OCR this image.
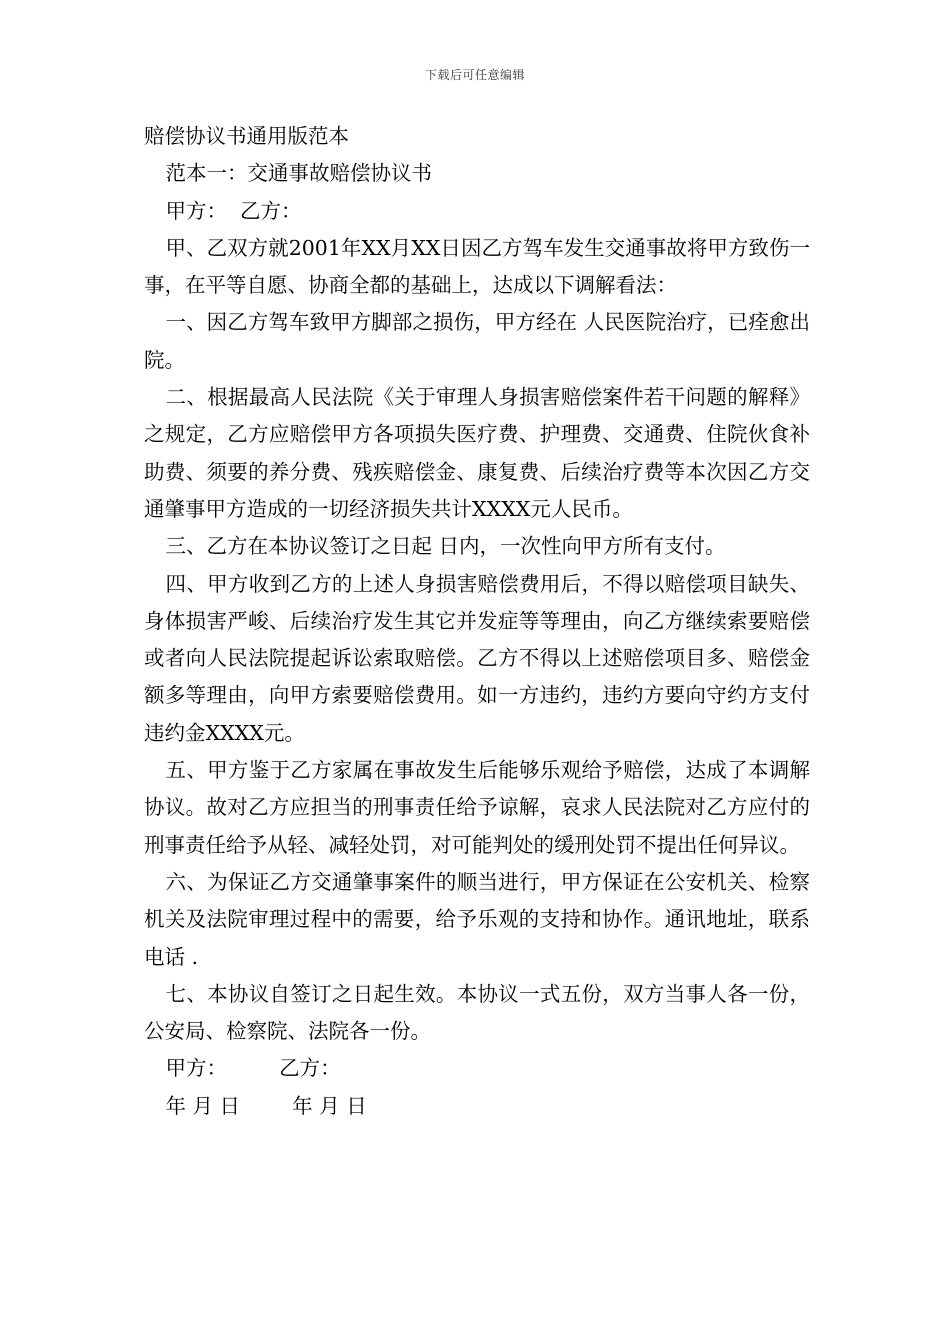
下载后可任意编辑

赔偿协议书通用版范本

范本一：交通事故赔偿协议书

甲方：  乙方：

甲、乙双方就2001年XX月XX日因乙方驾车发生交通事故将甲方致伤一事，在平等自愿、协商全都的基础上，达成以下调解看法：

一、因乙方驾车致甲方脚部之损伤，甲方经在 人民医院治疗，已痊愈出院。

二、根据最高人民法院《关于审理人身损害赔偿案件若干问题的解释》之规定，乙方应赔偿甲方各项损失医疗费、护理费、交通费、住院伙食补助费、须要的养分费、残疾赔偿金、康复费、后续治疗费等本次因乙方交通肇事甲方造成的一切经济损失共计XXXX元人民币。

三、乙方在本协议签订之日起 日内，一次性向甲方所有支付。

四、甲方收到乙方的上述人身损害赔偿费用后，不得以赔偿项目缺失、身体损害严峻、后续治疗发生其它并发症等等理由，向乙方继续索要赔偿或者向人民法院提起诉讼索取赔偿。乙方不得以上述赔偿项目多、赔偿金额多等理由，向甲方索要赔偿费用。如一方违约，违约方要向守约方支付违约金XXXX元。

五、甲方鉴于乙方家属在事故发生后能够乐观给予赔偿，达成了本调解协议。故对乙方应担当的刑事责任给予谅解，哀求人民法院对乙方应付的刑事责任给予从轻、减轻处罚，对可能判处的缓刑处罚不提出任何异议。

六、为保证乙方交通肇事案件的顺当进行，甲方保证在公安机关、检察机关及法院审理过程中的需要，给予乐观的支持和协作。通讯地址，联系电话 .

七、本协议自签订之日起生效。本协议一式五份，双方当事人各一份，公安局、检察院、法院各一份。

甲方：        乙方：

年 月 日        年 月 日
